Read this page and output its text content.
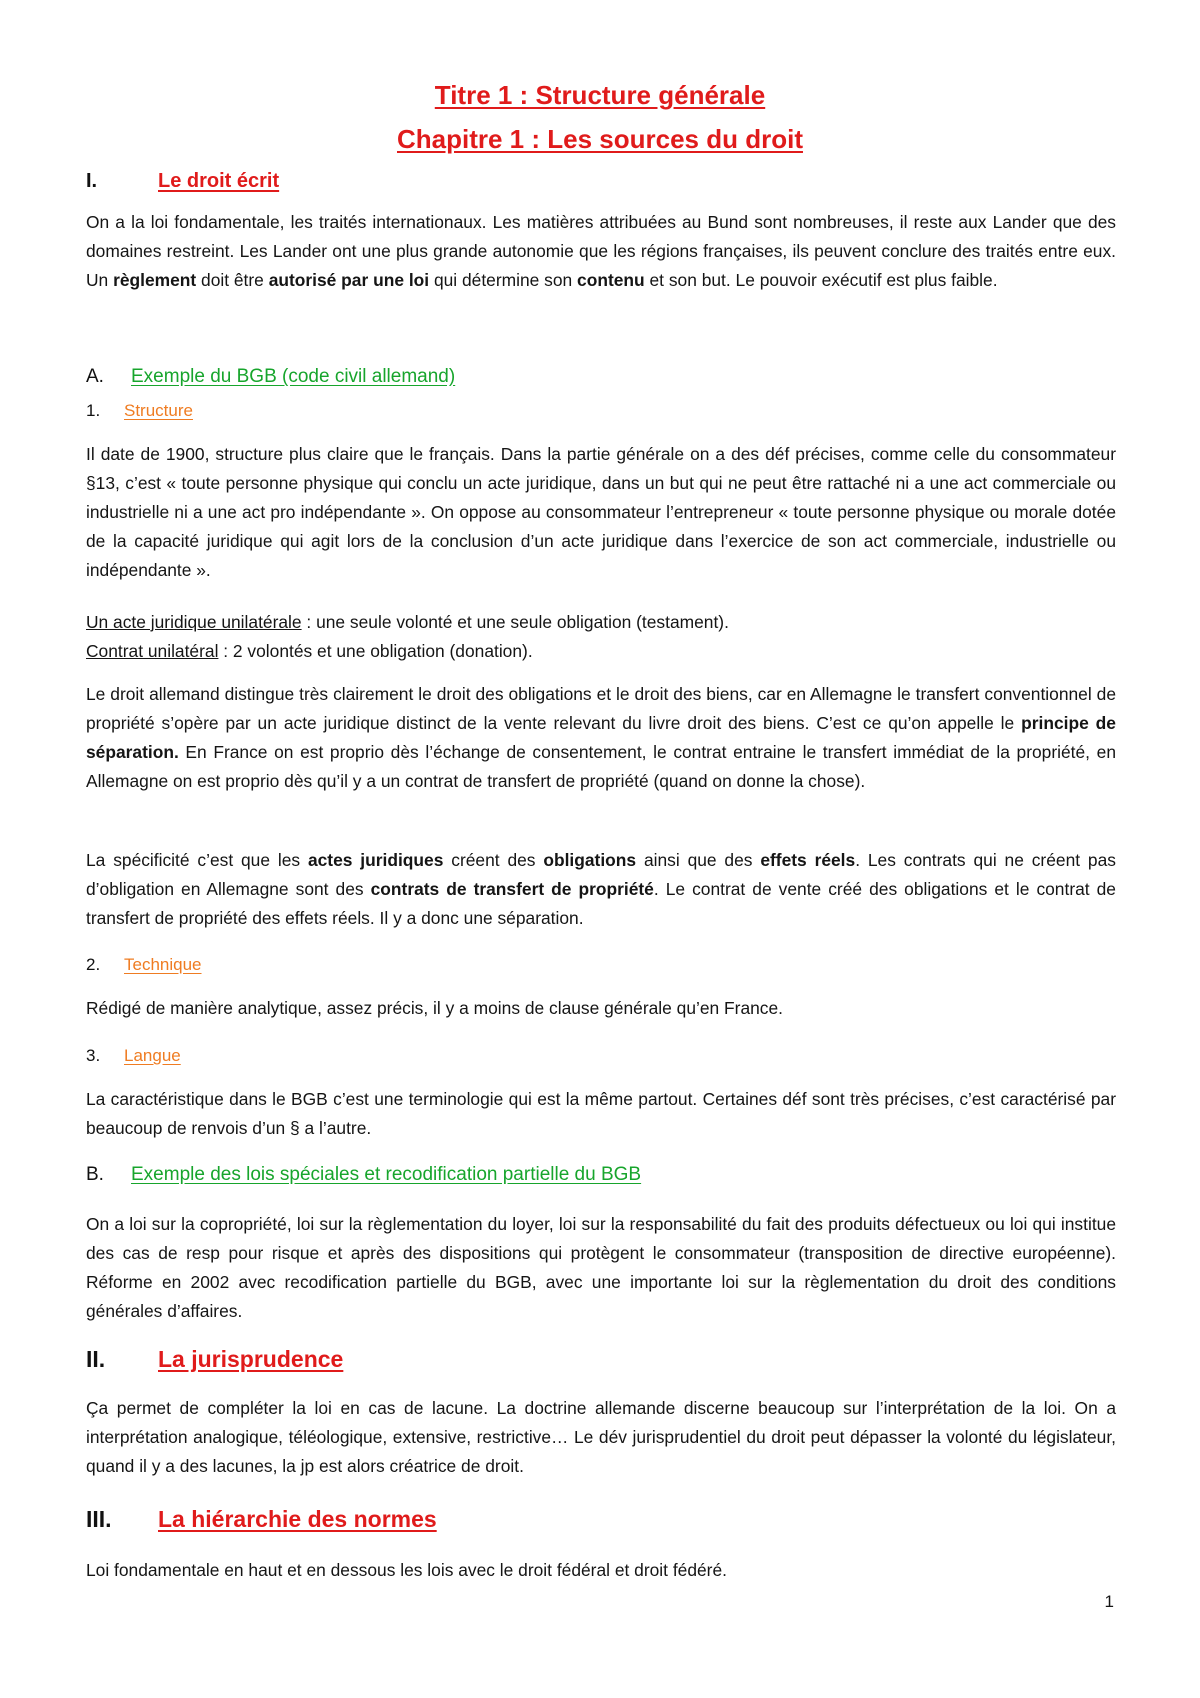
Titre 1 : Structure générale
Chapitre 1 : Les sources du droit
I.	Le droit écrit

On a la loi fondamentale, les traités internationaux. Les matières attribuées au Bund sont nombreuses, il reste aux Lander que des domaines restreint. Les Lander ont une plus grande autonomie que les régions françaises, ils peuvent conclure des traités entre eux. Un règlement doit être autorisé par une loi qui détermine son contenu et son but. Le pouvoir exécutif est plus faible.

A. Exemple du BGB (code civil allemand)
1. Structure

Il date de 1900, structure plus claire que le français. Dans la partie générale on a des déf précises, comme celle du consommateur §13, c’est « toute personne physique qui conclu un acte juridique, dans un but qui ne peut être rattaché ni a une act commerciale ou industrielle ni a une act pro indépendante ». On oppose au consommateur l’entrepreneur « toute personne physique ou morale dotée de la capacité juridique qui agit lors de la conclusion d’un acte juridique dans l’exercice de son act commerciale, industrielle ou indépendante ».

Un acte juridique unilatérale : une seule volonté et une seule obligation (testament).
Contrat unilatéral : 2 volontés et une obligation (donation).

Le droit allemand distingue très clairement le droit des obligations et le droit des biens, car en Allemagne le transfert conventionnel de propriété s’opère par un acte juridique distinct de la vente relevant du livre droit des biens. C’est ce qu’on appelle le principe de séparation. En France on est proprio dès l’échange de consentement, le contrat entraine le transfert immédiat de la propriété, en Allemagne on est proprio dès qu’il y a un contrat de transfert de propriété (quand on donne la chose).

La spécificité c’est que les actes juridiques créent des obligations ainsi que des effets réels. Les contrats qui ne créent pas d’obligation en Allemagne sont des contrats de transfert de propriété. Le contrat de vente créé des obligations et le contrat de transfert de propriété des effets réels. Il y a donc une séparation.

2. Technique

Rédigé de manière analytique, assez précis, il y a moins de clause générale qu’en France.

3. Langue

La caractéristique dans le BGB c’est une terminologie qui est la même partout. Certaines déf sont très précises, c’est caractérisé par beaucoup de renvois d’un § a l’autre.

B. Exemple des lois spéciales et recodification partielle du BGB

On a loi sur la copropriété, loi sur la règlementation du loyer, loi sur la responsabilité du fait des produits défectueux ou loi qui institue des cas de resp pour risque et après des dispositions qui protègent le consommateur (transposition de directive européenne). Réforme en 2002 avec recodification partielle du BGB, avec une importante loi sur la règlementation du droit des conditions générales d’affaires.

II. La jurisprudence

Ça permet de compléter la loi en cas de lacune. La doctrine allemande discerne beaucoup sur l’interprétation de la loi. On a interprétation analogique, téléologique, extensive, restrictive… Le dév jurisprudentiel du droit peut dépasser la volonté du législateur, quand il y a des lacunes, la jp est alors créatrice de droit.

III. La hiérarchie des normes

Loi fondamentale en haut et en dessous les lois avec le droit fédéral et droit fédéré.

1
